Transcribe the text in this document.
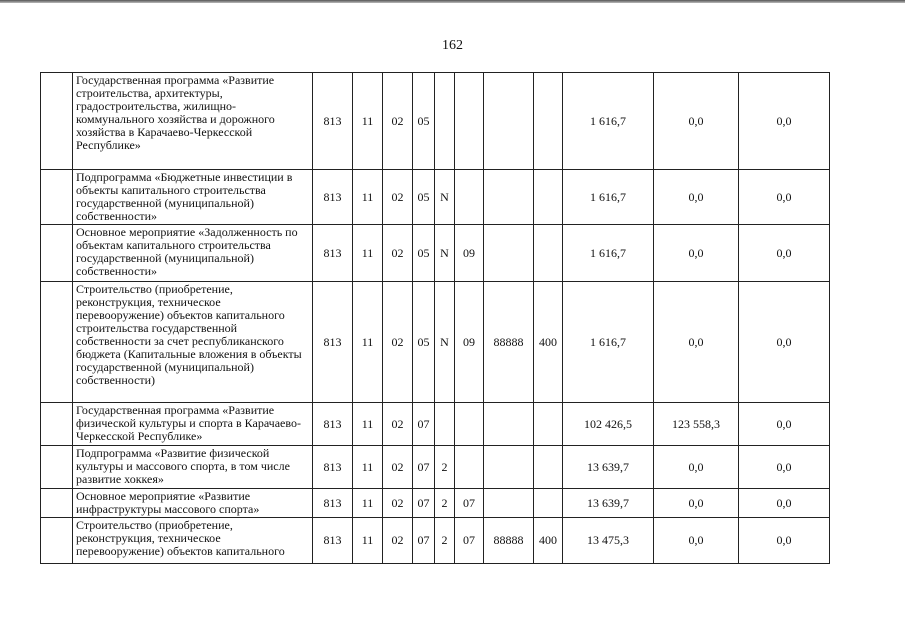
162
	Государственная программа «Развитие строительства, архитектуры, градостроительства, жилищно-коммунального хозяйства и дорожного хозяйства в Карачаево-Черкесской Республике»	813	11	02	05					1 616,7	0,0	0,0
	Подпрограмма «Бюджетные инвестиции в объекты капитального строительства государственной (муниципальной) собственности»	813	11	02	05	N				1 616,7	0,0	0,0
	Основное мероприятие «Задолженность по объектам капитального строительства государственной (муниципальной) собственности»	813	11	02	05	N	09			1 616,7	0,0	0,0
	Строительство (приобретение, реконструкция, техническое перевооружение) объектов капитального строительства государственной собственности за счет республиканского бюджета (Капитальные вложения в объекты государственной (муниципальной) собственности)	813	11	02	05	N	09	88888	400	1 616,7	0,0	0,0
	Государственная программа «Развитие физической культуры и спорта в Карачаево-Черкесской Республике»	813	11	02	07					102 426,5	123 558,3	0,0
	Подпрограмма «Развитие физической культуры и массового спорта, в том числе развитие хоккея»	813	11	02	07	2				13 639,7	0,0	0,0
	Основное мероприятие «Развитие инфраструктуры массового спорта»	813	11	02	07	2	07			13 639,7	0,0	0,0
	Строительство (приобретение, реконструкция, техническое перевооружение) объектов капитального	813	11	02	07	2	07	88888	400	13 475,3	0,0	0,0
